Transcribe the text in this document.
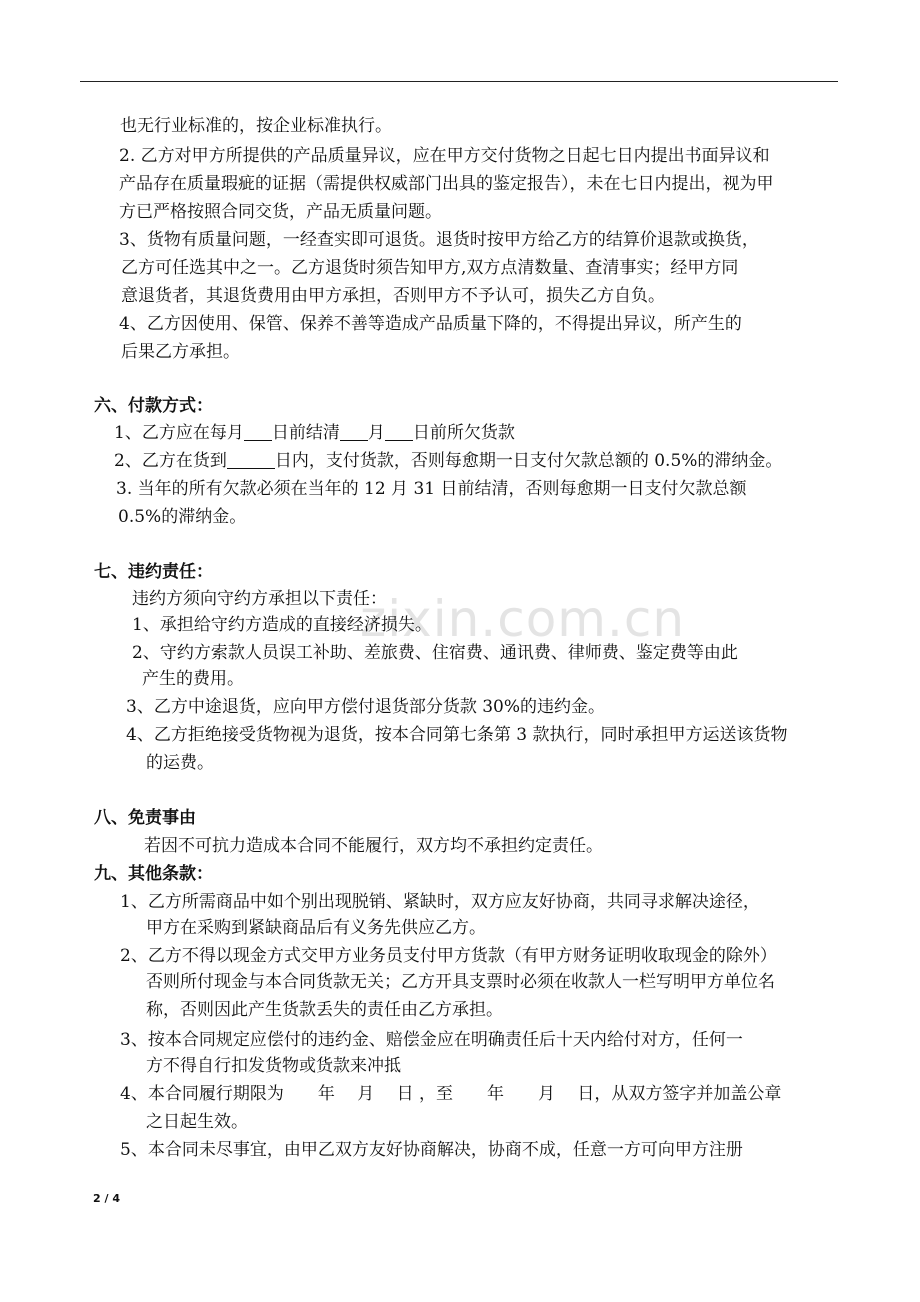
zixin.com.cn
也无行业标准的，按企业标准执行。
2. 乙方对甲方所提供的产品质量异议，应在甲方交付货物之日起七日内提出书面异议和
产品存在质量瑕疵的证据（需提供权威部门出具的鉴定报告），未在七日内提出，视为甲
方已严格按照合同交货，产品无质量问题。
3、货物有质量问题，一经查实即可退货。退货时按甲方给乙方的结算价退款或换货，
乙方可任选其中之一。乙方退货时须告知甲方,双方点清数量、查清事实；经甲方同
意退货者，其退货费用由甲方承担，否则甲方不予认可，损失乙方自负。
4、乙方因使用、保管、保养不善等造成产品质量下降的，不得提出异议，所产生的
后果乙方承担。
六、付款方式：
1、乙方应在每月 日前结清 月 日前所欠货款
2、乙方在货到	日内，支付货款，否则每愈期一日支付欠款总额的 0.5%的滞纳金。
3. 当年的所有欠款必须在当年的 12 月 31 日前结清，否则每愈期一日支付欠款总额
0.5%的滞纳金。
七、违约责任：
违约方须向守约方承担以下责任：
1、承担给守约方造成的直接经济损失。
2、守约方索款人员误工补助、差旅费、住宿费、通讯费、律师费、鉴定费等由此
产生的费用。
3、乙方中途退货，应向甲方偿付退货部分货款 30%的违约金。
4、乙方拒绝接受货物视为退货，按本合同第七条第 3 款执行，同时承担甲方运送该货物
的运费。
八、免责事由
若因不可抗力造成本合同不能履行，双方均不承担约定责任。
九、其他条款：
1、乙方所需商品中如个别出现脱销、紧缺时，双方应友好协商，共同寻求解决途径，
甲方在采购到紧缺商品后有义务先供应乙方。
2、乙方不得以现金方式交甲方业务员支付甲方货款（有甲方财务证明收取现金的除外）
否则所付现金与本合同货款无关；乙方开具支票时必须在收款人一栏写明甲方单位名
称，否则因此产生货款丢失的责任由乙方承担。
3、按本合同规定应偿付的违约金、赔偿金应在明确责任后十天内给付对方，任何一
方不得自行扣发货物或货款来冲抵
4、本合同履行期限为　　年　 月　 日 ，至　　年　　月　 日，从双方签字并加盖公章
之日起生效。
5、本合同未尽事宜，由甲乙双方友好协商解决，协商不成，任意一方可向甲方注册
2 / 4
